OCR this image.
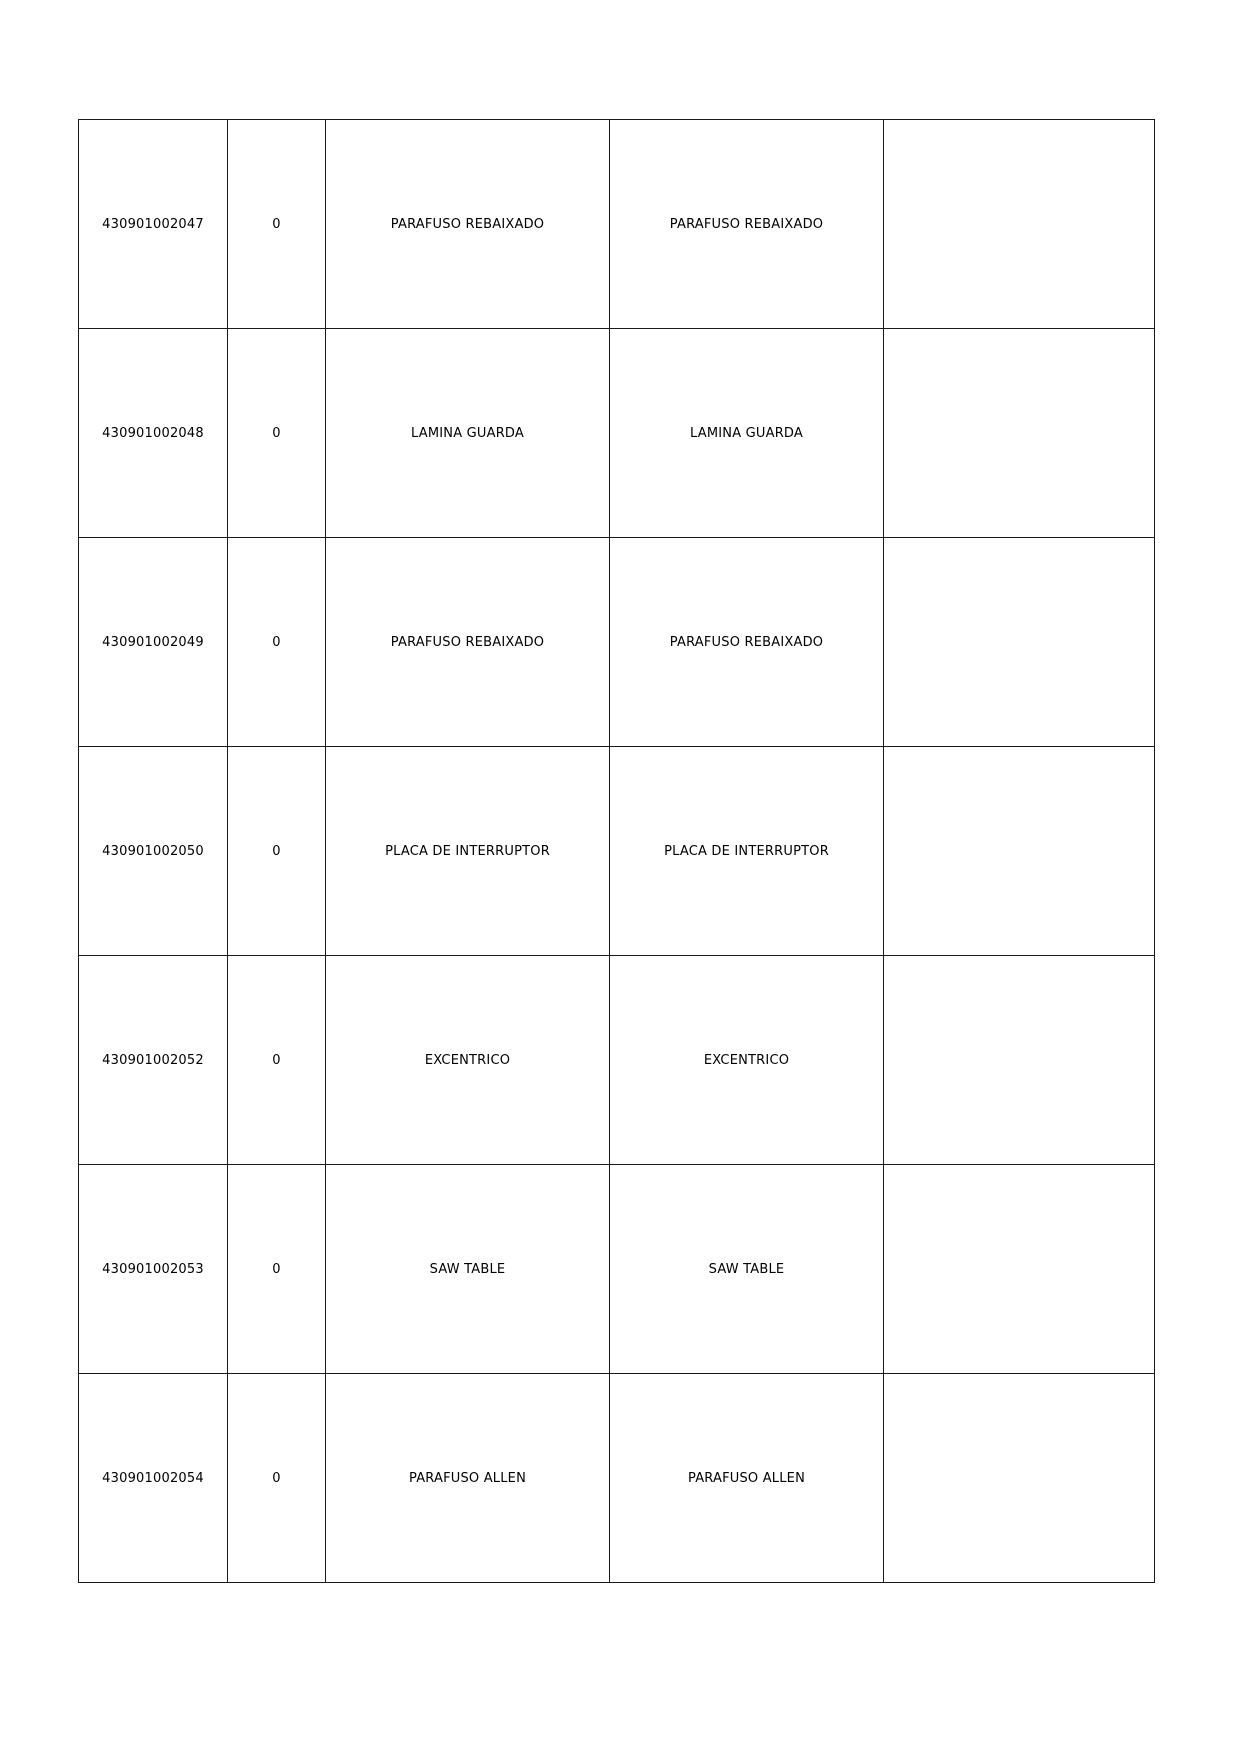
430901002047	0	PARAFUSO REBAIXADO	PARAFUSO REBAIXADO	
430901002048	0	LAMINA GUARDA	LAMINA GUARDA	
430901002049	0	PARAFUSO REBAIXADO	PARAFUSO REBAIXADO	
430901002050	0	PLACA DE INTERRUPTOR	PLACA DE INTERRUPTOR	
430901002052	0	EXCENTRICO	EXCENTRICO	
430901002053	0	SAW TABLE	SAW TABLE	
430901002054	0	PARAFUSO ALLEN	PARAFUSO ALLEN	
